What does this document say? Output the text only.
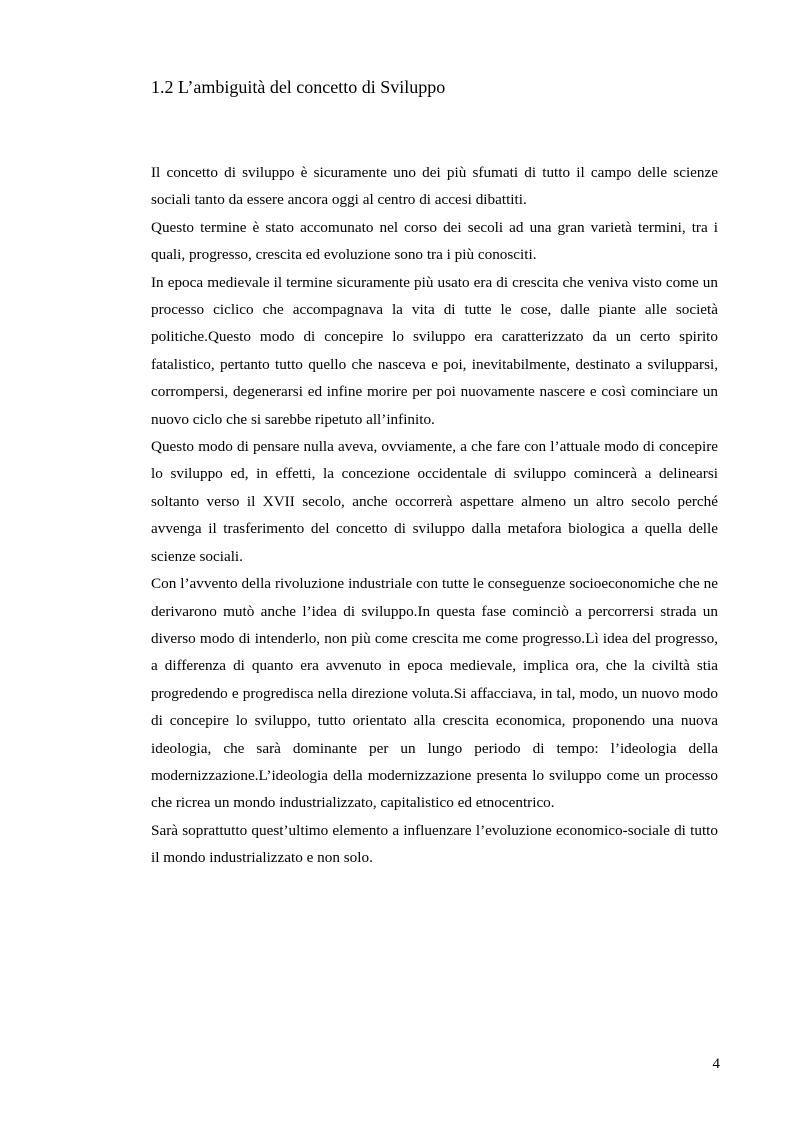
1.2 L’ambiguità del concetto di Sviluppo

Il concetto di sviluppo è sicuramente uno dei più sfumati di tutto il campo delle scienze sociali tanto da essere ancora oggi al centro di accesi dibattiti.

Questo termine è stato accomunato nel corso dei secoli ad una gran varietà termini, tra i quali, progresso, crescita ed evoluzione sono tra i più conosciti.

In epoca medievale il termine sicuramente più usato era di crescita che veniva visto come un processo ciclico che accompagnava la vita di tutte le cose, dalle piante alle società politiche.Questo modo di concepire lo sviluppo era caratterizzato da un certo spirito fatalistico, pertanto tutto quello che nasceva e poi, inevitabilmente, destinato a svilupparsi, corrompersi, degenerarsi ed infine morire per poi nuovamente nascere e così cominciare un nuovo ciclo che si sarebbe ripetuto all’infinito.

Questo modo di pensare nulla aveva, ovviamente, a che fare con l’attuale modo di concepire lo sviluppo ed, in effetti, la concezione occidentale di sviluppo comincerà a delinearsi soltanto verso il XVII secolo, anche occorrerà aspettare almeno un altro secolo perché avvenga il trasferimento del concetto di sviluppo dalla metafora biologica a quella delle scienze sociali.

Con l’avvento della rivoluzione industriale con tutte le conseguenze socioeconomiche che ne derivarono mutò anche l’idea di sviluppo.In questa fase cominciò a percorrersi strada un diverso modo di intenderlo, non più come crescita me come progresso.Lì idea del progresso, a differenza di quanto era avvenuto in epoca medievale, implica ora, che la civiltà stia progredendo e progredisca nella direzione voluta.Si affacciava, in tal, modo, un nuovo modo di concepire lo sviluppo, tutto orientato alla crescita economica, proponendo una nuova ideologia, che sarà dominante per un lungo periodo di tempo: l’ideologia della modernizzazione.L’ideologia della modernizzazione presenta lo sviluppo come un processo che ricrea un mondo industrializzato, capitalistico ed etnocentrico.

Sarà soprattutto quest’ultimo elemento a influenzare l’evoluzione economico-sociale di tutto il mondo industrializzato e non solo.

4
